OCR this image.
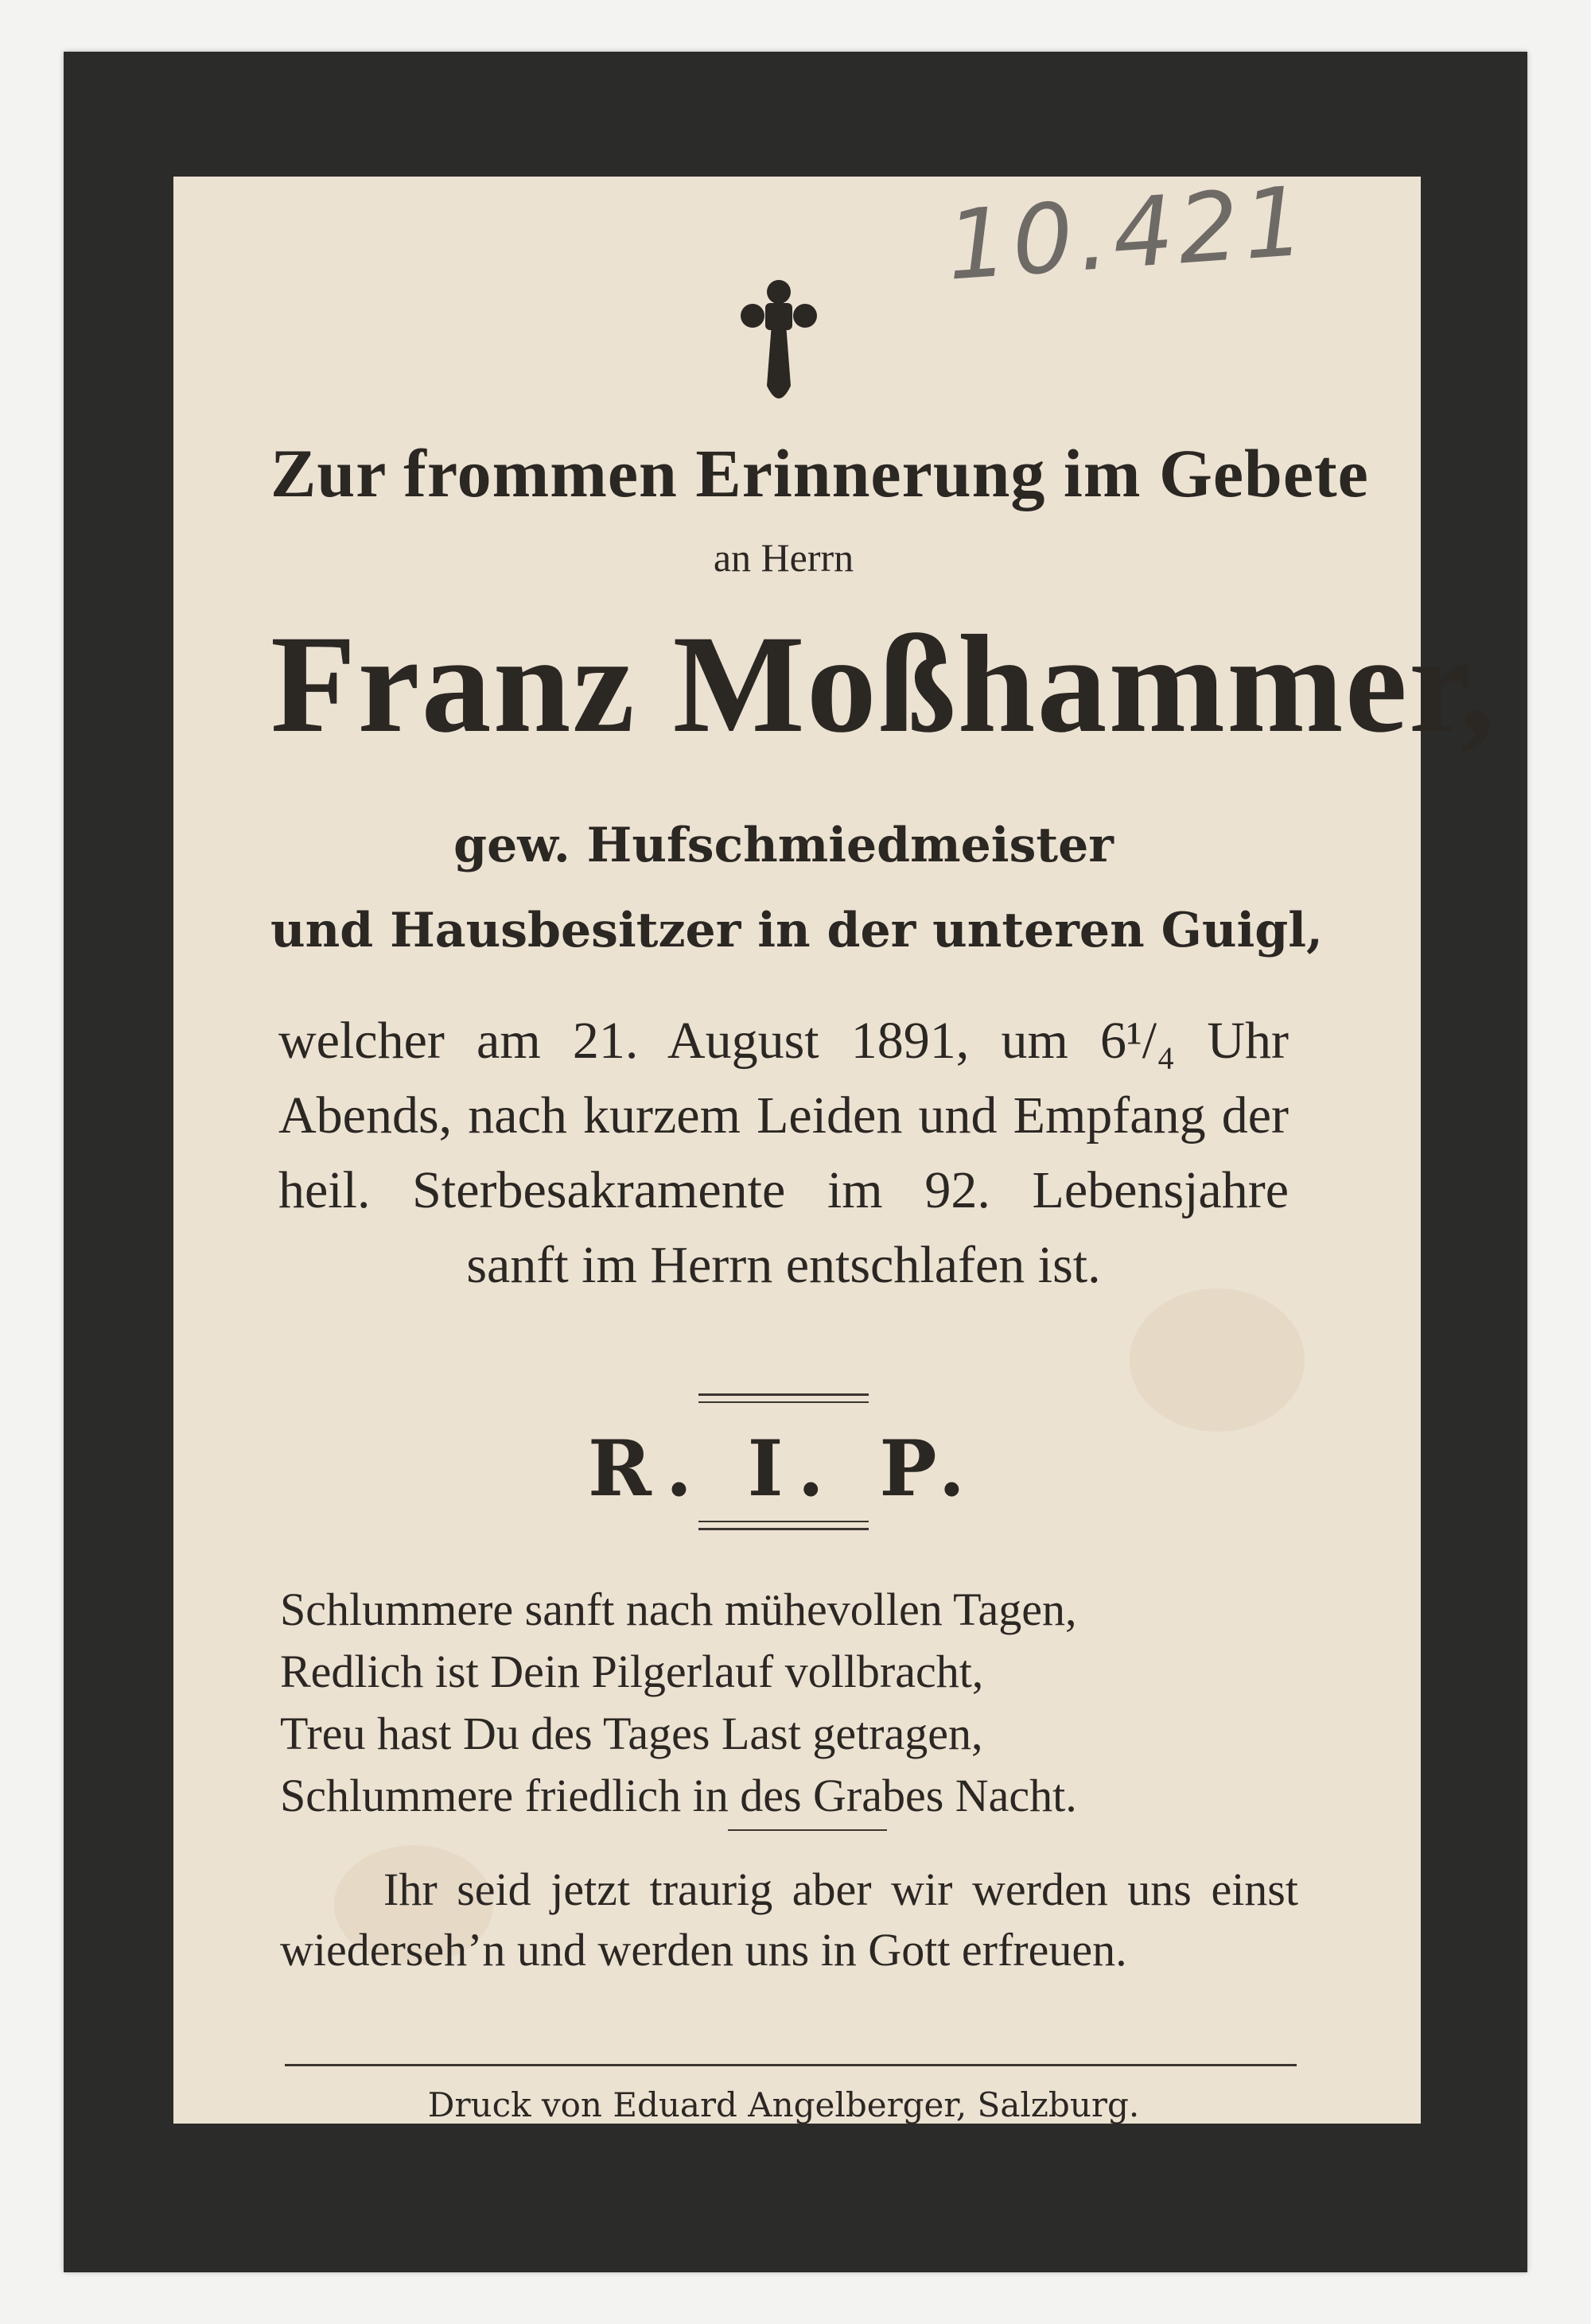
10.421
Zur frommen Erinnerung im Gebete
an Herrn
Franz Moßhammer,
gew. Hufschmiedmeister
und Hausbesitzer in der unteren Guigl,
welcher am 21. August 1891, um 6¹/₄ Uhr Abends, nach kurzem Leiden und Empfang der heil. Sterbesakramente im 92. Lebensjahre sanft im Herrn entschlafen ist.
R. I. P.
Schlummere sanft nach mühevollen Tagen,
Redlich ist Dein Pilgerlauf vollbracht,
Treu hast Du des Tages Last getragen,
Schlummere friedlich in des Grabes Nacht.
Ihr seid jetzt traurig aber wir werden uns einst wiederseh’n und werden uns in Gott erfreuen.
Druck von Eduard Angelberger, Salzburg.
